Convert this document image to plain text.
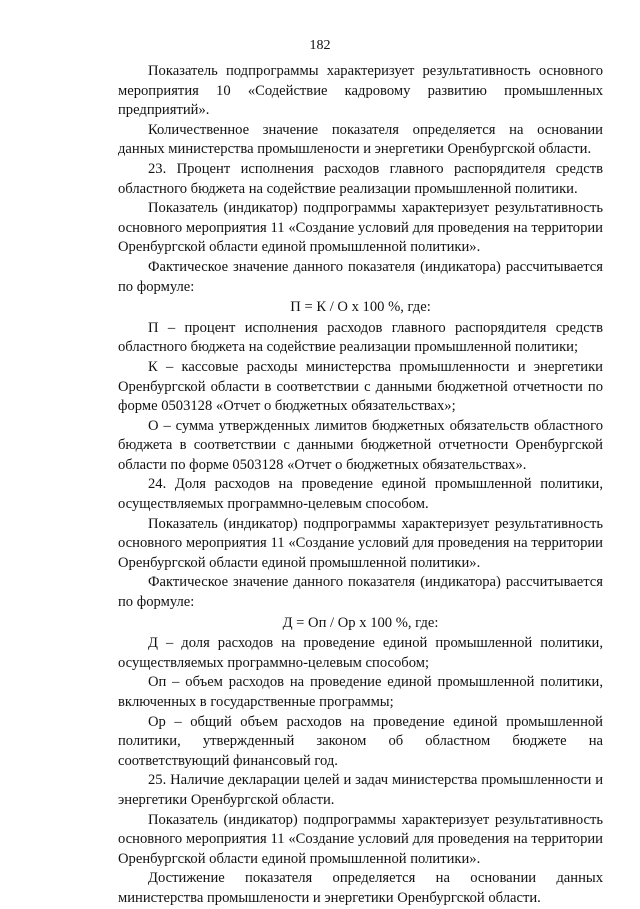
182

Показатель подпрограммы характеризует результативность основного мероприятия 10 «Содействие кадровому развитию промышленных предприятий».

Количественное значение показателя определяется на основании данных министерства промышлености и энергетики Оренбургской области.

23. Процент исполнения расходов главного распорядителя средств областного бюджета на содействие реализации промышленной политики.

Показатель (индикатор) подпрограммы характеризует результативность основного мероприятия 11 «Создание условий для проведения на территории Оренбургской области единой промышленной политики».

Фактическое значение данного показателя (индикатора) рассчитывается по формуле:

П = К / О х 100 %, где:

П – процент исполнения расходов главного распорядителя средств областного бюджета на содействие реализации промышленной политики;

К – кассовые расходы министерства промышленности и энергетики Оренбургской области в соответствии с данными бюджетной отчетности по форме 0503128 «Отчет о бюджетных обязательствах»;

О – сумма утвержденных лимитов бюджетных обязательств областного бюджета в соответствии с данными бюджетной отчетности Оренбургской области по форме 0503128 «Отчет о бюджетных обязательствах».

24. Доля расходов на проведение единой промышленной политики, осуществляемых программно-целевым способом.

Показатель (индикатор) подпрограммы характеризует результативность основного мероприятия 11 «Создание условий для проведения на территории Оренбургской области единой промышленной политики».

Фактическое значение данного показателя (индикатора) рассчитывается по формуле:

Д = Оп / Ор х 100 %, где:

Д – доля расходов на проведение единой промышленной политики, осуществляемых программно-целевым способом;

Оп – объем расходов на проведение единой промышленной политики, включенных в государственные программы;

Ор – общий объем расходов на проведение единой промышленной политики, утвержденный законом об областном бюджете на соответствующий финансовый год.

25. Наличие декларации целей и задач министерства промышленности и энергетики Оренбургской области.

Показатель (индикатор) подпрограммы характеризует результативность основного мероприятия 11 «Создание условий для проведения на территории Оренбургской области единой промышленной политики».

Достижение показателя определяется на основании данных министерства промышлености и энергетики Оренбургской области.
